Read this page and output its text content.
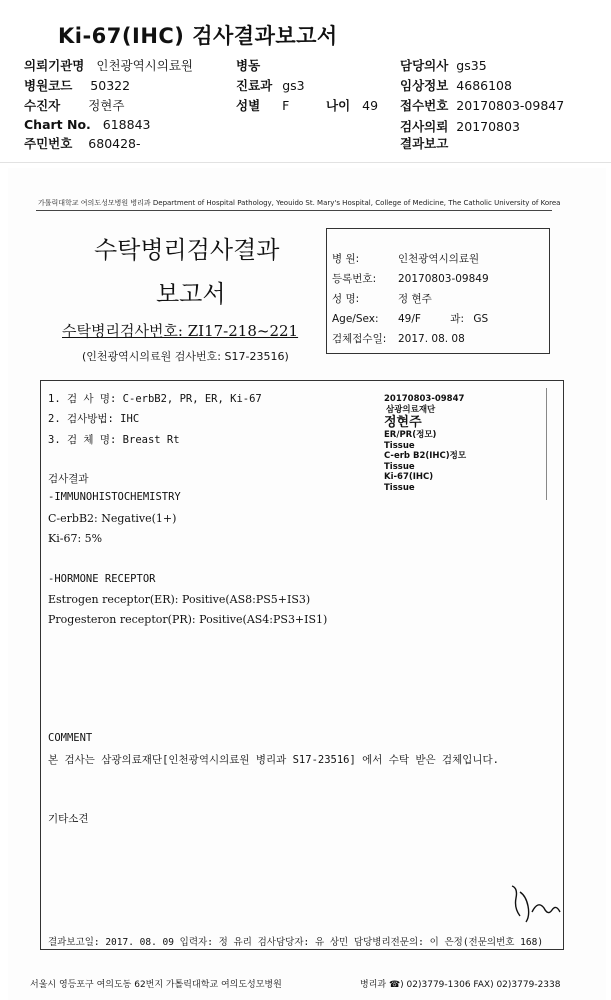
Ki-67(IHC) 검사결과보고서
의뢰기관명 인천광역시의료원	병동	담당의사 gs35
병원코드 50322	진료과 gs3	임상정보 4686108
수진자 정현주	성별 F	나이 49 접수번호 20170803-09847
Chart No. 618843	검사의뢰 20170803
주민번호 680428-	결과보고
가톨릭대학교 여의도성모병원 병리과 Department of Hospital Pathology, Yeouido St. Mary's Hospital, College of Medicine, The Catholic University of Korea
수탁병리검사결과
보고서
수탁병리검사번호: ZI17-218~221
(인천광역시의료원 검사번호: S17-23516)
병 원:	인천광역시의료원
등록번호: 20170803-09849
성 명:	정 현주
Age/Sex: 49/F	과: GS
검체접수일: 2017. 08. 08
1. 검 사 명: C-erbB2, PR, ER, Ki-67
2. 검사방법: IHC
3. 검 체 명: Breast Rt
20170803-09847
삼광의료재단
정현주
ER/PR(정모)
Tissue
C-erb B2(IHC)정모
Tissue
Ki-67(IHC)
Tissue
검사결과
-IMMUNOHISTOCHEMISTRY
C-erbB2: Negative(1+)
Ki-67: 5%
-HORMONE RECEPTOR
Estrogen receptor(ER): Positive(AS8:PS5+IS3)
Progesteron receptor(PR): Positive(AS4:PS3+IS1)
COMMENT
본 검사는 삼광의료재단[인천광역시의료원 병리과 S17-23516] 에서 수탁 받은 검체입니다.
기타소견
결과보고일: 2017. 08. 09 입력자: 정 유리 검사담당자: 유 상민 담당병리전문의: 이 은정(전문의번호 168)
서울시 영등포구 여의도동 62번지 가톨릭대학교 여의도성모병원	병리과 ☎) 02)3779-1306 FAX) 02)3779-2338
